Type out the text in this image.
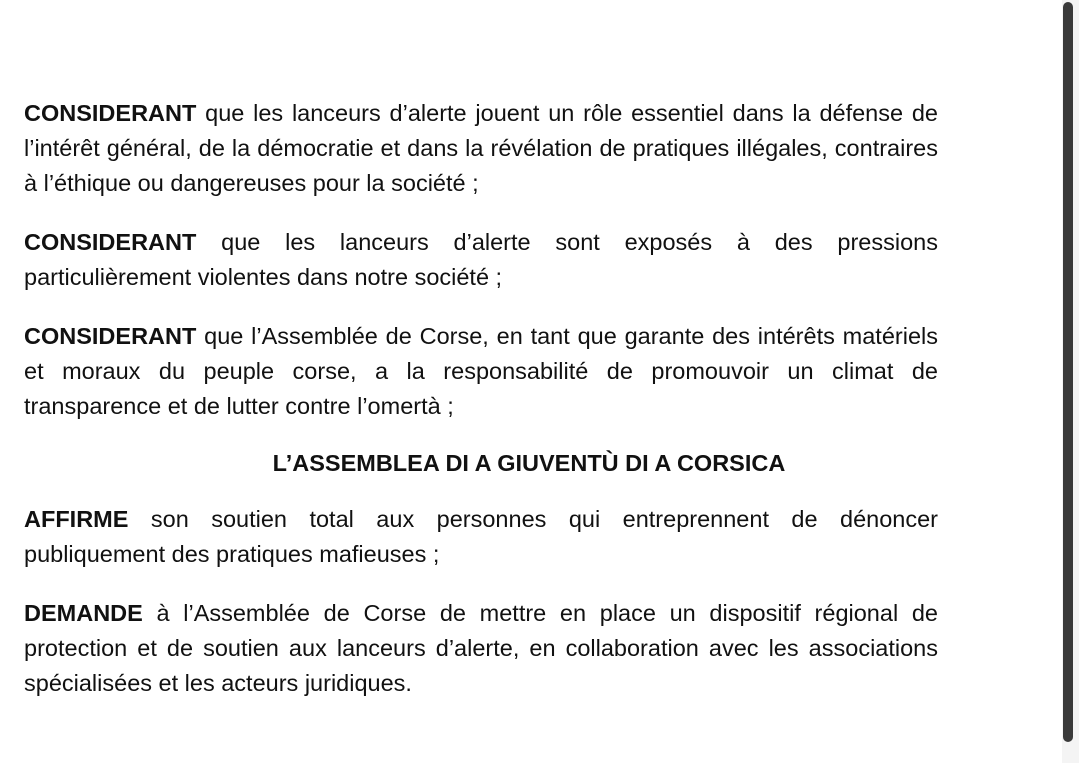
CONSIDERANT que les lanceurs d’alerte jouent un rôle essentiel dans la défense de l’intérêt général, de la démocratie et dans la révélation de pratiques illégales, contraires à l’éthique ou dangereuses pour la société ;

CONSIDERANT que les lanceurs d’alerte sont exposés à des pressions particulièrement violentes dans notre société ;

CONSIDERANT que l’Assemblée de Corse, en tant que garante des intérêts matériels et moraux du peuple corse, a la responsabilité de promouvoir un climat de transparence et de lutter contre l’omertà ;

L’ASSEMBLEA DI A GIUVENTÙ DI A CORSICA

AFFIRME son soutien total aux personnes qui entreprennent de dénoncer publiquement des pratiques mafieuses ;

DEMANDE à l’Assemblée de Corse de mettre en place un dispositif régional de protection et de soutien aux lanceurs d’alerte, en collaboration avec les associations spécialisées et les acteurs juridiques.
